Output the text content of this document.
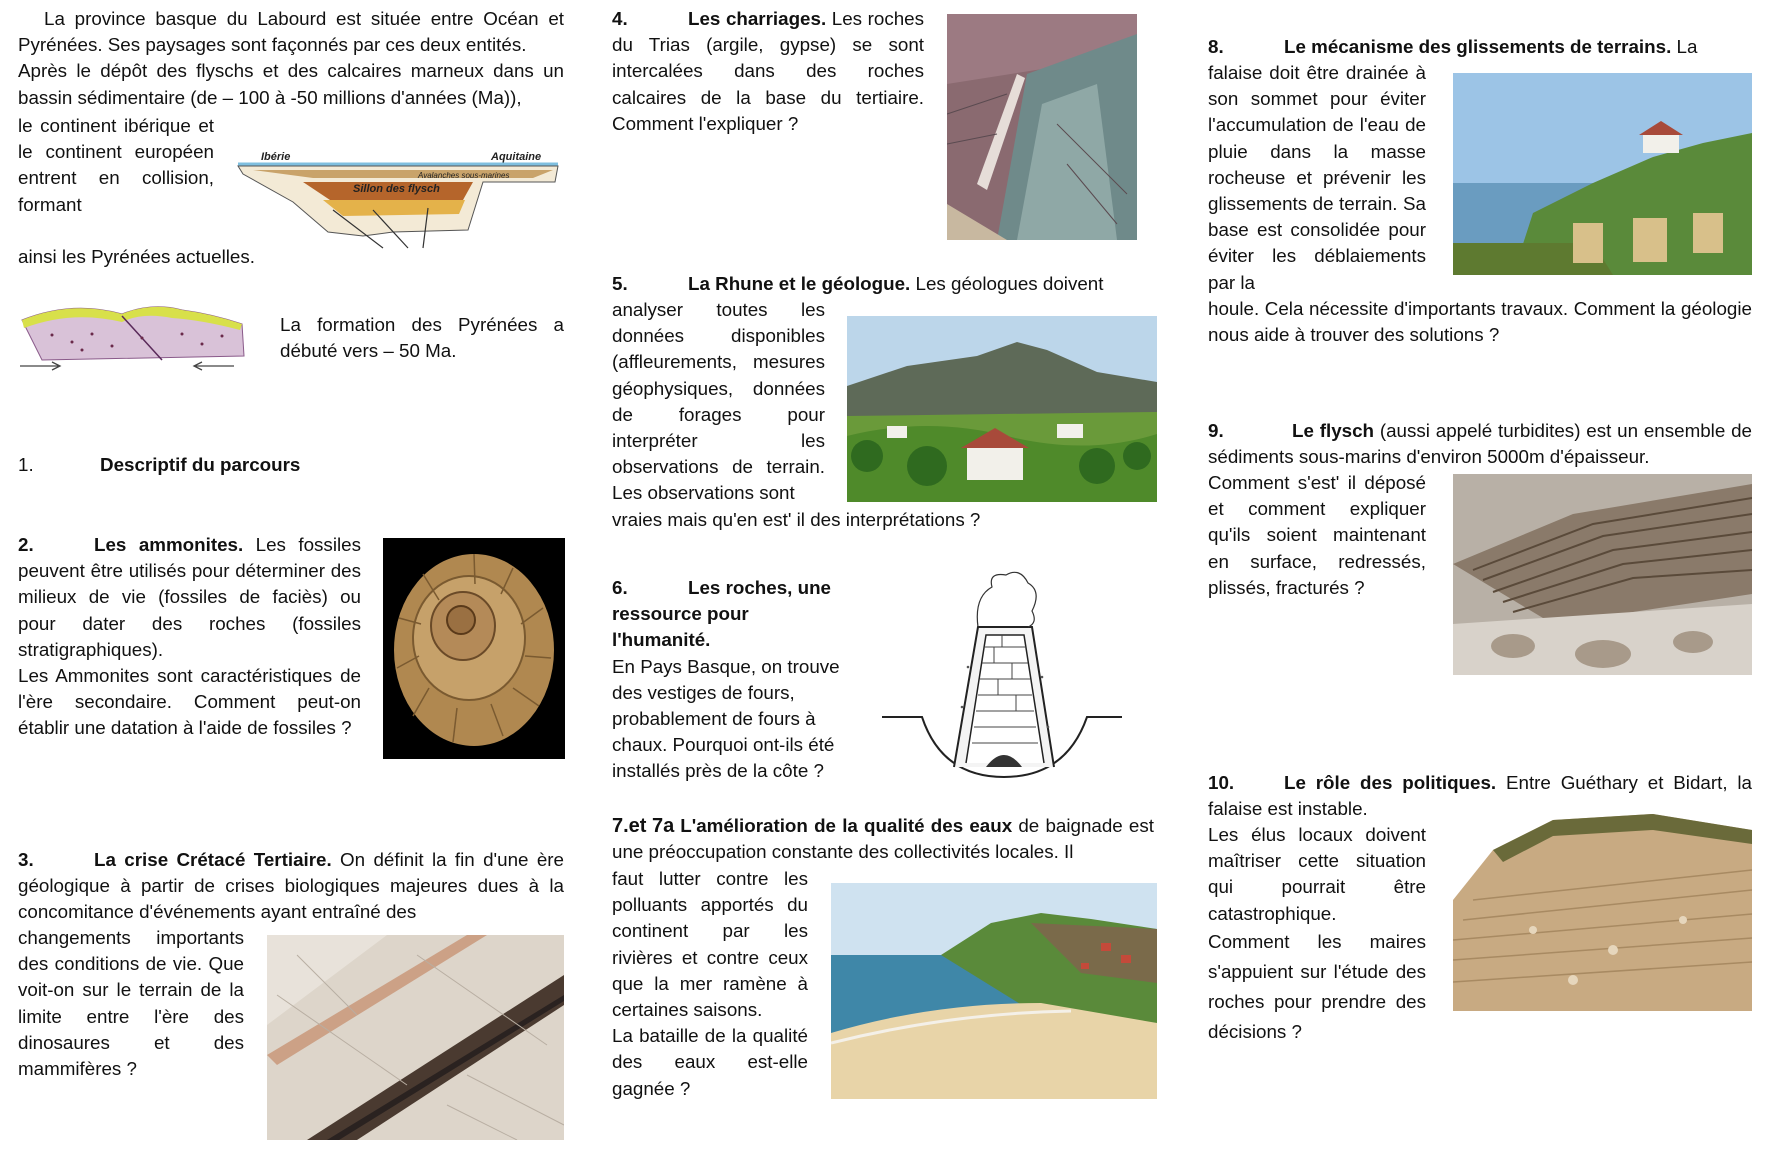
La province basque du Labourd est située entre Océan et Pyrénées. Ses paysages sont façonnés par ces deux entités.

Après le dépôt des flyschs et des calcaires marneux dans un bassin sédimentaire (de – 100 à -50 millions d'années (Ma)),

le continent ibérique et le continent européen entrent en collision, formant

ainsi les Pyrénées actuelles.

Ibérie	Aquitaine
Avalanches sous-marines
Sillon des flysch

La formation des Pyrénées a débuté vers – 50 Ma.

1.	Descriptif du parcours

2.	Les ammonites. Les fossiles peuvent être utilisés pour déterminer des milieux de vie (fossiles de faciès) ou pour dater des roches (fossiles stratigraphiques).

Les Ammonites sont caractéristiques de l'ère secondaire. Comment peut-on établir une datation à l'aide de fossiles ?

3.	La crise Crétacé Tertiaire. On définit la fin d'une ère géologique à partir de crises biologiques majeures dues à la concomitance d'événements ayant entraîné des

changements importants des conditions de vie. Que voit-on sur le terrain de la limite entre l'ère des dinosaures et des mammifères ?

4.	Les charriages. Les roches du Trias (argile, gypse) se sont intercalées dans des roches calcaires de la base du tertiaire. Comment l'expliquer ?

5.	La Rhune et le géologue. Les géologues doivent

analyser toutes les données disponibles (affleurements, mesures géophysiques, données de forages pour interpréter les observations de terrain. Les observations sont

vraies mais qu'en est' il des interprétations ?

6.	Les roches, une ressource pour l'humanité.

En Pays Basque, on trouve des vestiges de fours, probablement de fours à chaux. Pourquoi ont-ils été installés près de la côte ?

7.et 7a L'amélioration de la qualité des eaux de baignade est une préoccupation constante des collectivités locales. Il

faut lutter contre les polluants apportés du continent par les rivières et contre ceux que la mer ramène à certaines saisons.

La bataille de la qualité des eaux est-elle gagnée ?

8.	Le mécanisme des glissements de terrains. La

falaise doit être drainée à son sommet pour éviter l'accumulation de l'eau de pluie dans la masse rocheuse et prévenir les glissements de terrain. Sa base est consolidée pour éviter les déblaiements par la

houle. Cela nécessite d'importants travaux. Comment la géologie nous aide à trouver des solutions ?

9.	Le flysch (aussi appelé turbidites) est un ensemble de sédiments sous-marins d'environ 5000m d'épaisseur.

Comment s'est' il déposé et comment expliquer qu'ils soient maintenant en surface, redressés, plissés, fracturés ?

10.	Le rôle des politiques. Entre Guéthary et Bidart, la falaise est instable.

Les élus locaux doivent maîtriser cette situation qui pourrait être catastrophique.

Comment les maires s'appuient sur l'étude des roches pour prendre des décisions ?
